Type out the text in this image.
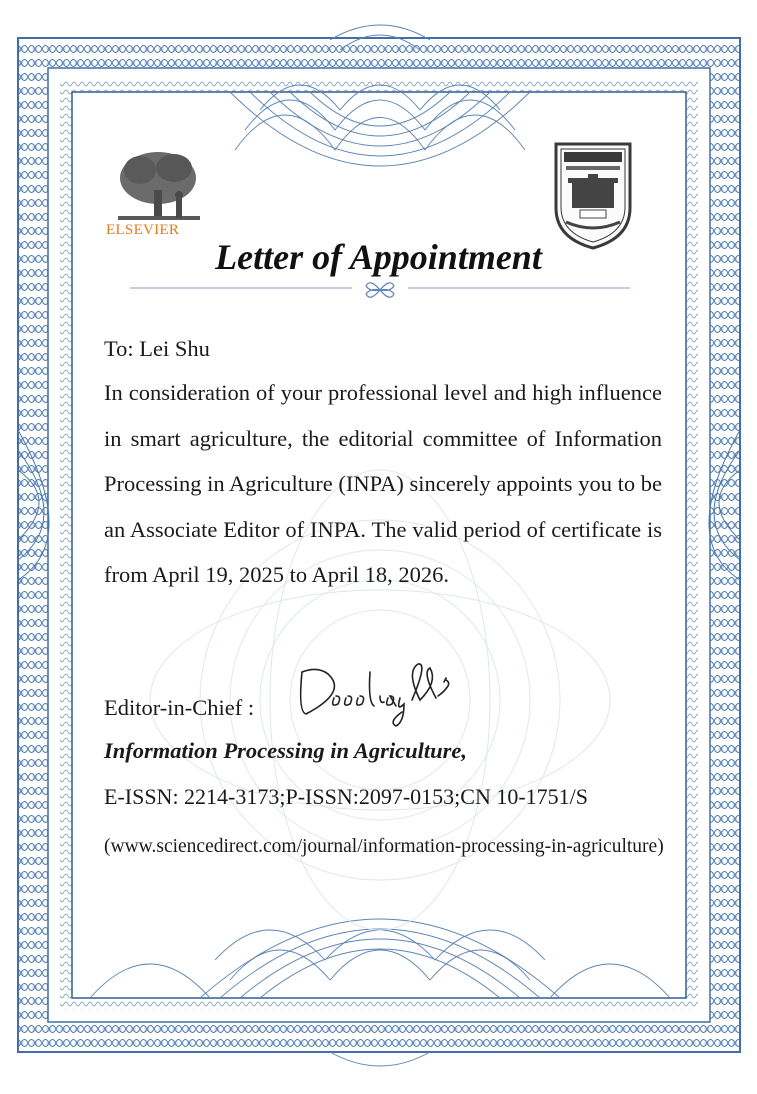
ELSEVIER
Letter of Appointment
To: Lei Shu
In consideration of your professional level and high influence in smart agriculture, the editorial committee of Information Processing in Agriculture (INPA) sincerely appoints you to be an Associate Editor of INPA. The valid period of certificate is from April 19, 2025 to April 18, 2026.
Editor-in-Chief :
Information Processing in Agriculture,
E-ISSN: 2214-3173;P-ISSN:2097-0153;CN 10-1751/S
(www.sciencedirect.com/journal/information-processing-in-agriculture)
